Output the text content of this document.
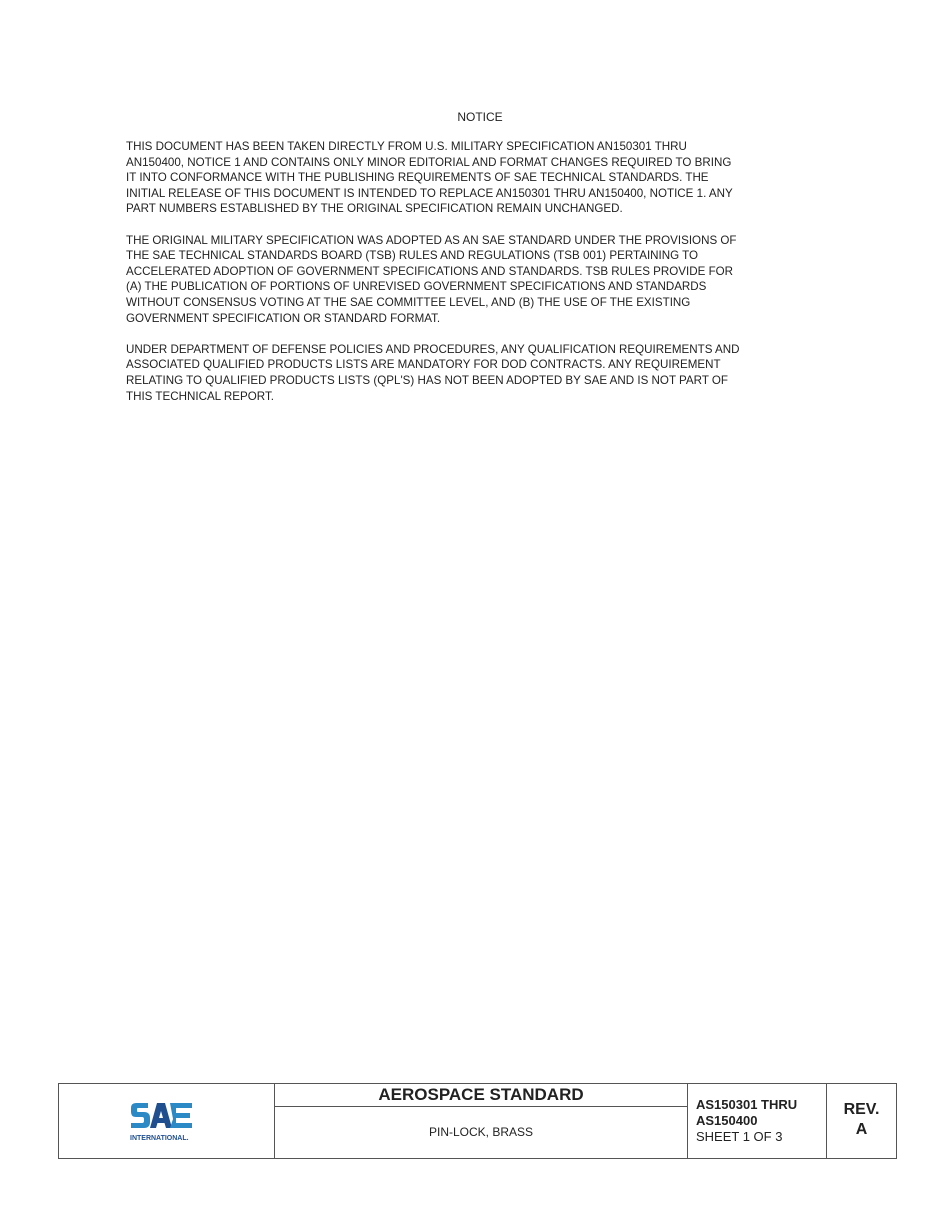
NOTICE

THIS DOCUMENT HAS BEEN TAKEN DIRECTLY FROM U.S. MILITARY SPECIFICATION AN150301 THRU
AN150400, NOTICE 1 AND CONTAINS ONLY MINOR EDITORIAL AND FORMAT CHANGES REQUIRED TO BRING
IT INTO CONFORMANCE WITH THE PUBLISHING REQUIREMENTS OF SAE TECHNICAL STANDARDS. THE
INITIAL RELEASE OF THIS DOCUMENT IS INTENDED TO REPLACE AN150301 THRU AN150400, NOTICE 1. ANY
PART NUMBERS ESTABLISHED BY THE ORIGINAL SPECIFICATION REMAIN UNCHANGED.

THE ORIGINAL MILITARY SPECIFICATION WAS ADOPTED AS AN SAE STANDARD UNDER THE PROVISIONS OF
THE SAE TECHNICAL STANDARDS BOARD (TSB) RULES AND REGULATIONS (TSB 001) PERTAINING TO
ACCELERATED ADOPTION OF GOVERNMENT SPECIFICATIONS AND STANDARDS. TSB RULES PROVIDE FOR
(A) THE PUBLICATION OF PORTIONS OF UNREVISED GOVERNMENT SPECIFICATIONS AND STANDARDS
WITHOUT CONSENSUS VOTING AT THE SAE COMMITTEE LEVEL, AND (B) THE USE OF THE EXISTING
GOVERNMENT SPECIFICATION OR STANDARD FORMAT.

UNDER DEPARTMENT OF DEFENSE POLICIES AND PROCEDURES, ANY QUALIFICATION REQUIREMENTS AND
ASSOCIATED QUALIFIED PRODUCTS LISTS ARE MANDATORY FOR DOD CONTRACTS. ANY REQUIREMENT
RELATING TO QUALIFIED PRODUCTS LISTS (QPL'S) HAS NOT BEEN ADOPTED BY SAE AND IS NOT PART OF
THIS TECHNICAL REPORT.

INTERNATIONAL.
AEROSPACE STANDARD
PIN-LOCK, BRASS
AS150301 THRU
AS150400
SHEET 1 OF 3
REV.
A
